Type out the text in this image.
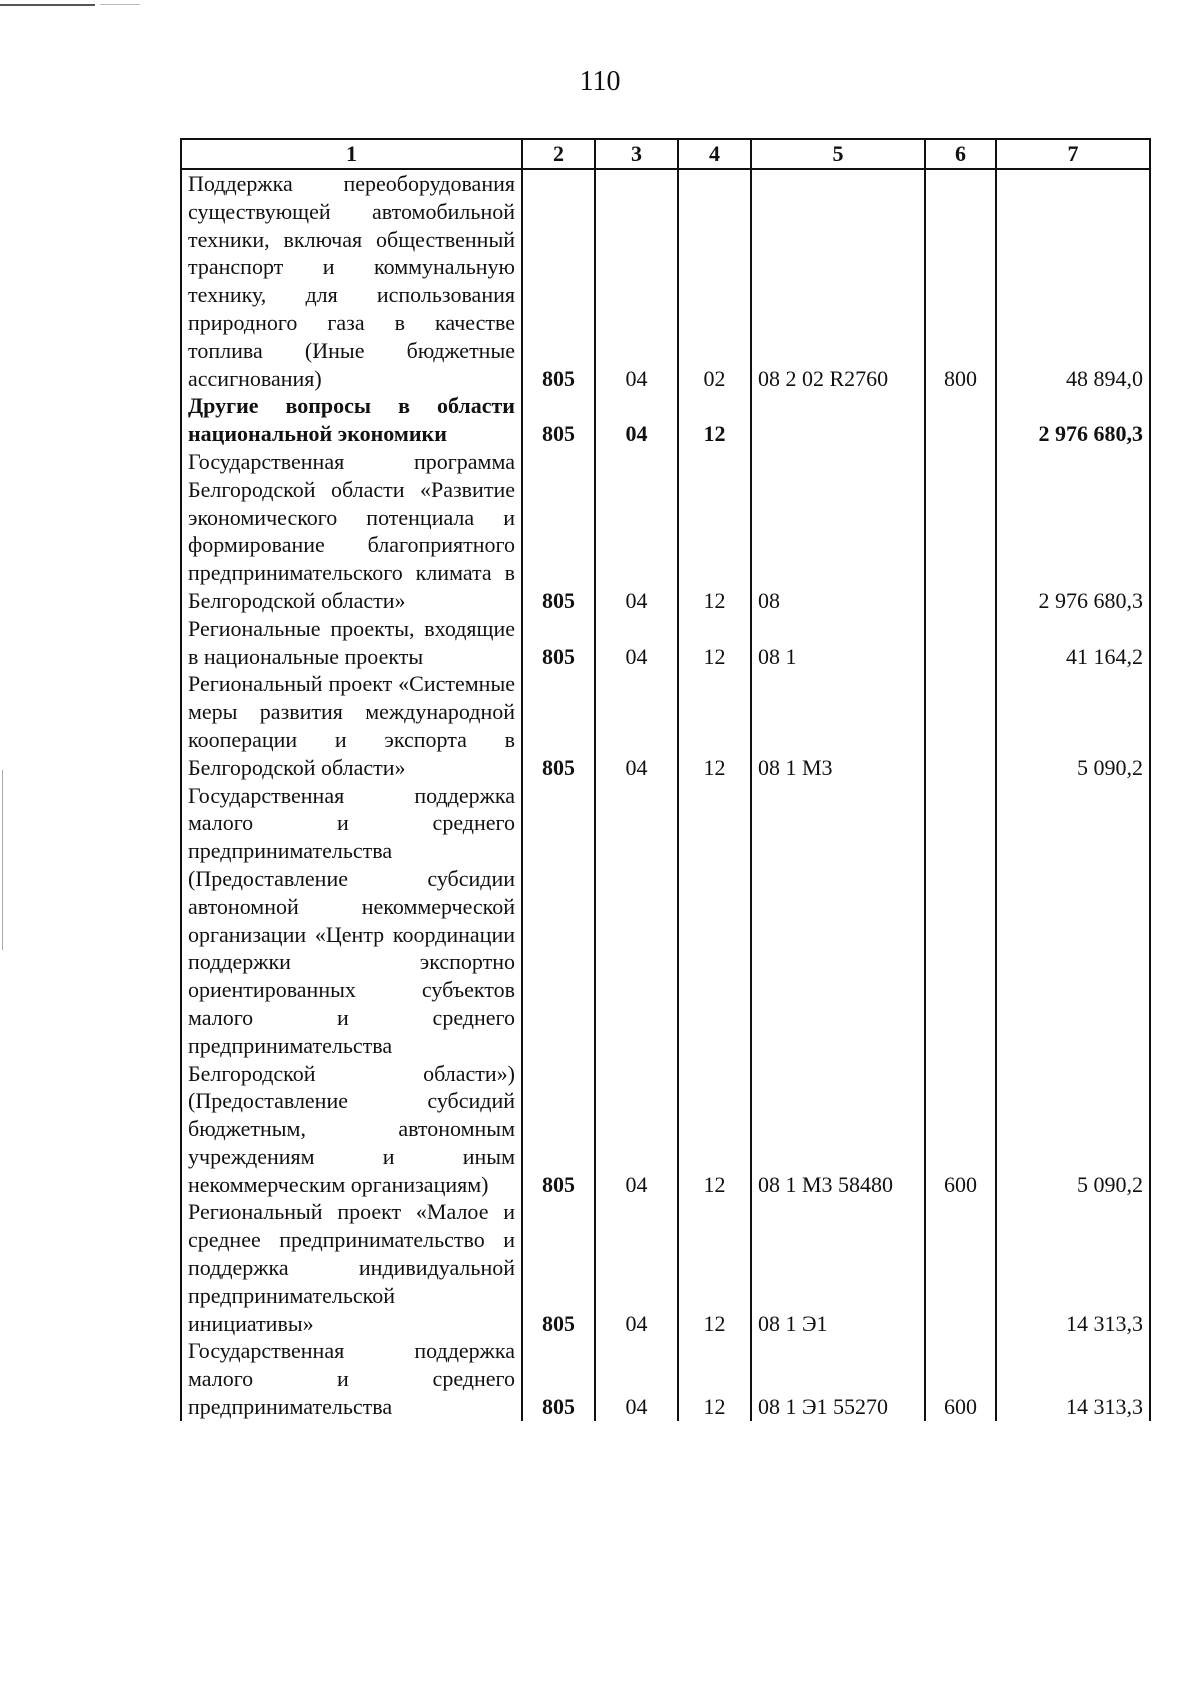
110
1	2	3	4	5	6	7
Поддержка переоборудования существующей автомобильной техники, включая общественный транспорт и коммунальную технику, для использования природного газа в качестве топлива (Иные бюджетные ассигнования)	805	04	02	08 2 02 R2760	800	48 894,0
Другие вопросы в области национальной экономики	805	04	12			2 976 680,3
Государственная программа Белгородской области «Развитие экономического потенциала и формирование благоприятного предпринимательского климата в Белгородской области»	805	04	12	08		2 976 680,3
Региональные проекты, входящие в национальные проекты	805	04	12	08 1		41 164,2
Региональный проект «Системные меры развития международной кооперации и экспорта в Белгородской области»	805	04	12	08 1 М3		5 090,2
Государственная поддержка малого и среднего предпринимательства (Предоставление субсидии автономной некоммерческой организации «Центр координации поддержки экспортно ориентированных субъектов малого и среднего предпринимательства Белгородской области») (Предоставление субсидий бюджетным, автономным учреждениям и иным некоммерческим организациям)	805	04	12	08 1 М3 58480	600	5 090,2
Региональный проект «Малое и среднее предпринимательство и поддержка индивидуальной предпринимательской инициативы»	805	04	12	08 1 Э1		14 313,3
Государственная поддержка малого и среднего предпринимательства	805	04	12	08 1 Э1 55270	600	14 313,3
